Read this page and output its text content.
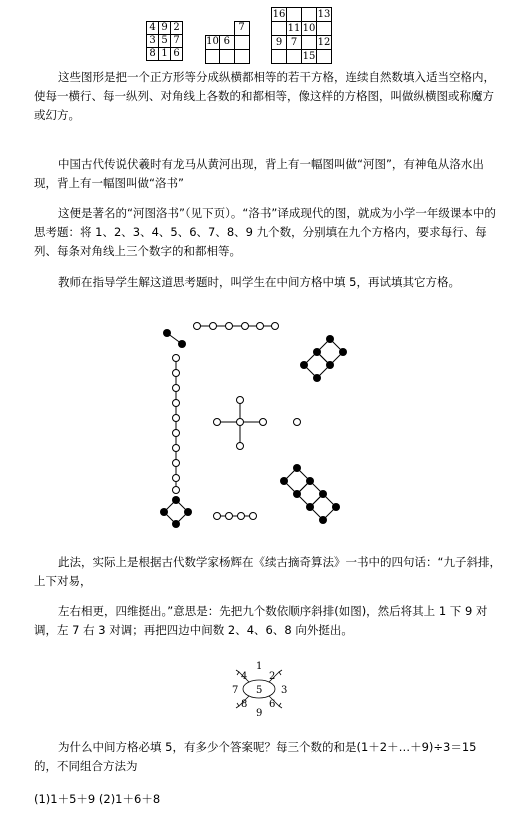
4	9	2
3	5	7
8	1	6
		7
10	6	

16			13
	11	10	
9	7		12
		15	

这些图形是把一个正方形等分成纵横都相等的若干方格，连续自然数填入适当空格内，使每一横行、每一纵列、对角线上各数的和都相等，像这样的方格图，叫做纵横图或称魔方或幻方。

中国古代传说伏羲时有龙马从黄河出现，背上有一幅图叫做“河图”，有神龟从洛水出现，背上有一幅图叫做“洛书”

这便是著名的“河图洛书”（见下页）。“洛书”译成现代的图，就成为小学一年级课本中的思考题：将 1、2、3、4、5、6、7、8、9 九个数，分别填在九个方格内，要求每行、每列、每条对角线上三个数字的和都相等。

教师在指导学生解这道思考题时，叫学生在中间方格中填 5，再试填其它方格。

此法，实际上是根据古代数学家杨辉在《续古摘奇算法》一书中的四句话：“九子斜排，上下对易，

左右相更，四维挺出。”意思是：先把九个数依顺序斜排(如图)，然后将其上 1 下 9 对调，左 7 右 3 对调；再把四边中间数 2、4、6、8 向外挺出。

1
2
3
4
5
6
7
8
9

为什么中间方格必填 5，有多少个答案呢？每三个数的和是(1＋2＋…＋9)÷3＝15 的，不同组合方法为

(1)1＋5＋9 (2)1＋6＋8
